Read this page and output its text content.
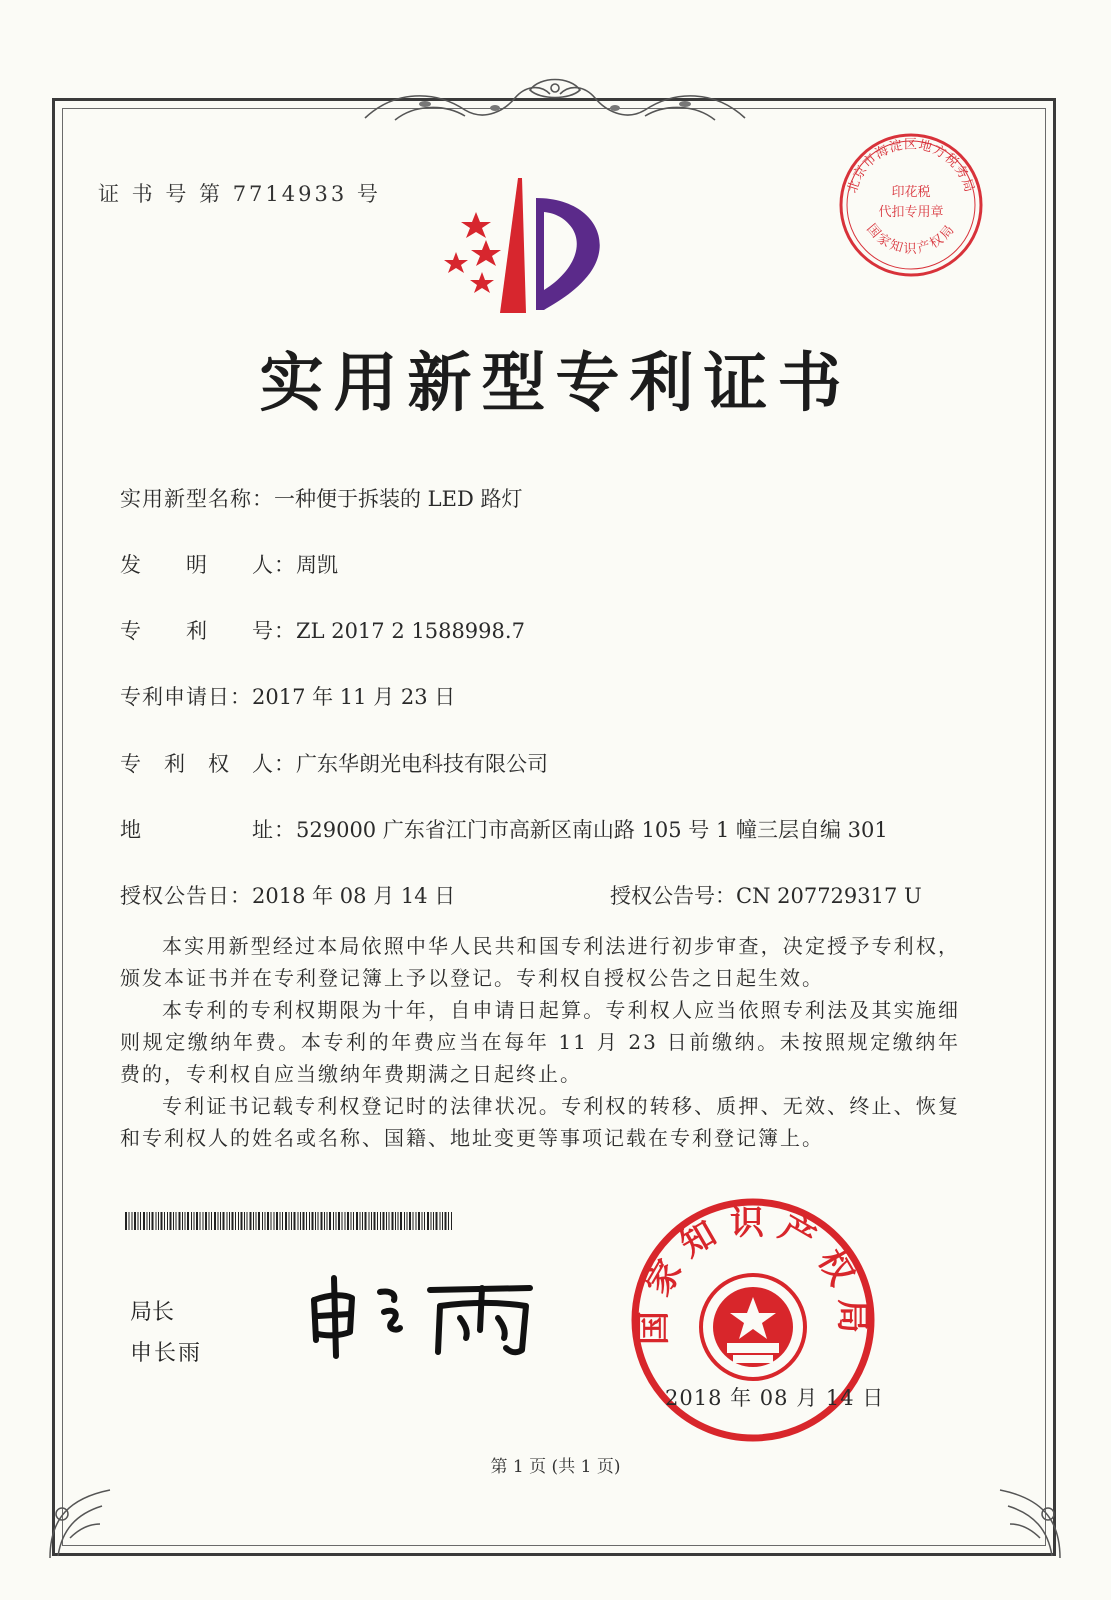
证 书 号 第 7714933 号
实用新型专利证书
实用新型名称：一种便于拆装的 LED 路灯
发　　明　　人：周凯
专　　利　　号：ZL 2017 2 1588998.7
专利申请日：2017 年 11 月 23 日
专　利　权　人：广东华朗光电科技有限公司
地　　　　　址：529000 广东省江门市高新区南山路 105 号 1 幢三层自编 301
授权公告日：2018 年 08 月 14 日	授权公告号：CN 207729317 U

本实用新型经过本局依照中华人民共和国专利法进行初步审查，决定授予专利权，颁发本证书并在专利登记簿上予以登记。专利权自授权公告之日起生效。

本专利的专利权期限为十年，自申请日起算。专利权人应当依照专利法及其实施细则规定缴纳年费。本专利的年费应当在每年 11 月 23 日前缴纳。未按照规定缴纳年费的，专利权自应当缴纳年费期满之日起终止。

专利证书记载专利权登记时的法律状况。专利权的转移、质押、无效、终止、恢复和专利权人的姓名或名称、国籍、地址变更等事项记载在专利登记簿上。

局长
申长雨
国家知识产权局
2018 年 08 月 14 日
北京市海淀区地方税务局
国家知识产权局
印花税
代扣专用章
第 1 页 (共 1 页)
